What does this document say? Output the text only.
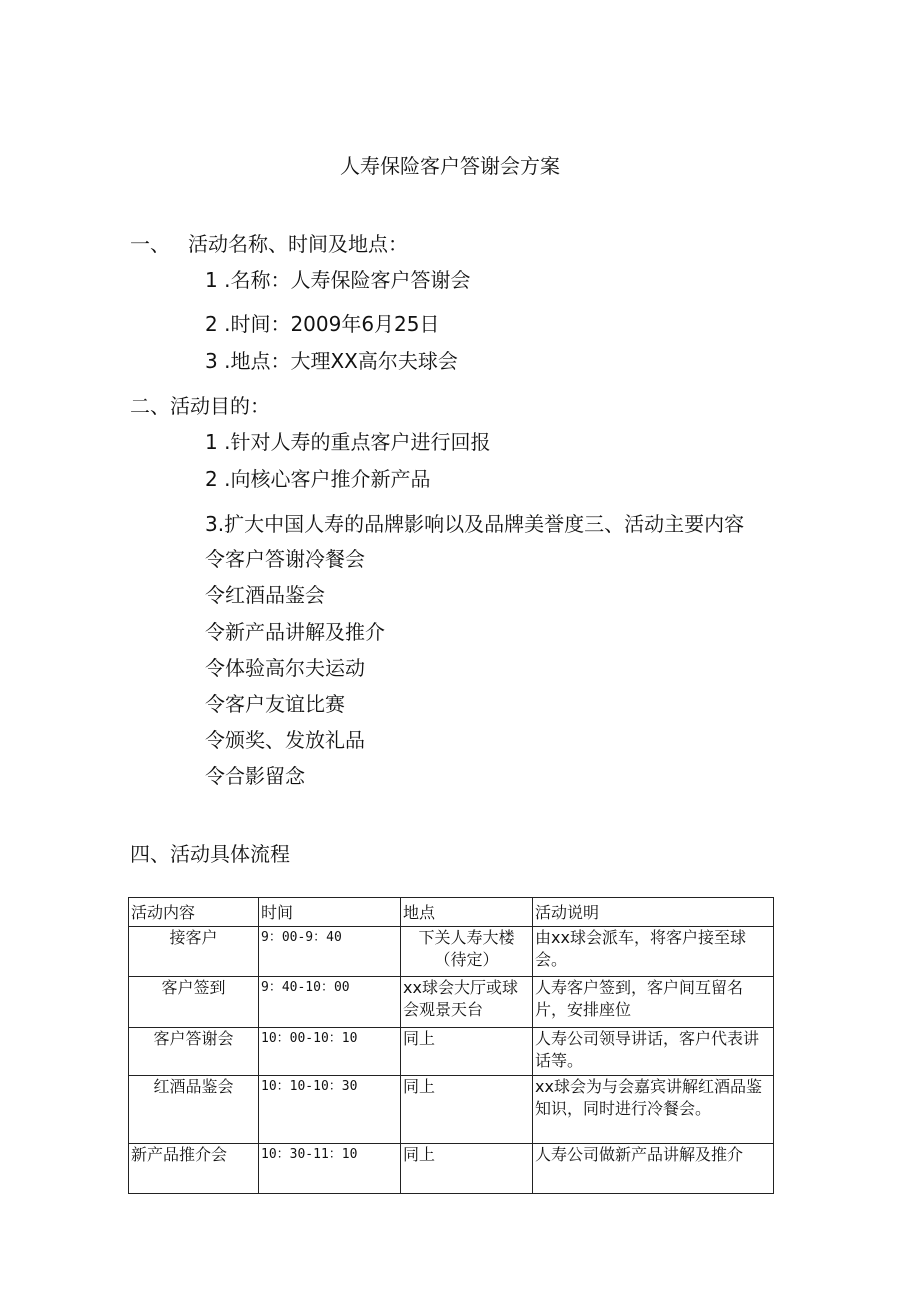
人寿保险客户答谢会方案
一、 活动名称、时间及地点：
1 .名称：人寿保险客户答谢会
2 .时间：2009年6月25日
3 .地点：大理XX高尔夫球会
二、活动目的：
1 .针对人寿的重点客户进行回报
2 .向核心客户推介新产品
3.扩大中国人寿的品牌影响以及品牌美誉度三、活动主要内容
令客户答谢冷餐会
令红酒品鉴会
令新产品讲解及推介
令体验高尔夫运动
令客户友谊比赛
令颁奖、发放礼品
令合影留念
四、活动具体流程
活动内容	时间	地点	活动说明
接客户	9：00-9：40	下关人寿大楼（待定）	由xx球会派车，将客户接至球会。
客户签到	9：40-10：00	xx球会大厅或球会观景天台	人寿客户签到，客户间互留名片，安排座位
客户答谢会	10：00-10：10	同上	人寿公司领导讲话，客户代表讲话等。
红酒品鉴会	10：10-10：30	同上	xx球会为与会嘉宾讲解红酒品鉴知识，同时进行冷餐会。
新产品推介会	10：30-11：10	同上	人寿公司做新产品讲解及推介
